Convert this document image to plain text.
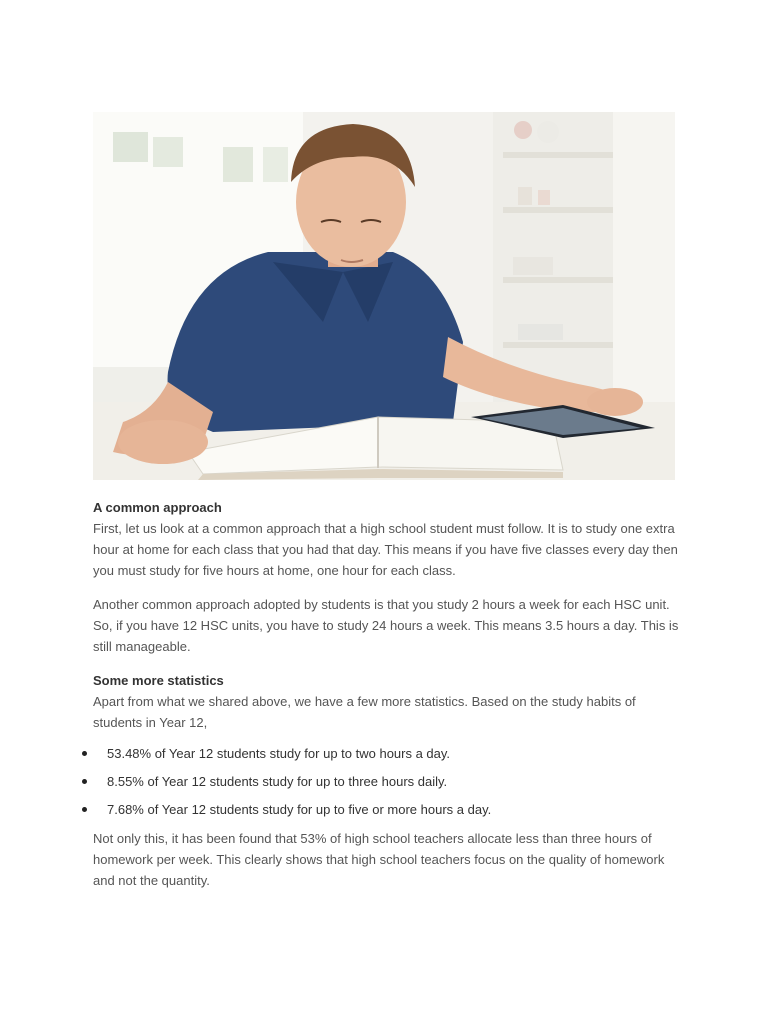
A common approach

First, let us look at a common approach that a high school student must follow. It is to study one extra hour at home for each class that you had that day. This means if you have five classes every day then you must study for five hours at home, one hour for each class.

Another common approach adopted by students is that you study 2 hours a week for each HSC unit. So, if you have 12 HSC units, you have to study 24 hours a week. This means 3.5 hours a day. This is still manageable.

Some more statistics

Apart from what we shared above, we have a few more statistics. Based on the study habits of students in Year 12,

53.48% of Year 12 students study for up to two hours a day.
8.55% of Year 12 students study for up to three hours daily.
7.68% of Year 12 students study for up to five or more hours a day.

Not only this, it has been found that 53% of high school teachers allocate less than three hours of homework per week. This clearly shows that high school teachers focus on the quality of homework and not the quantity.
